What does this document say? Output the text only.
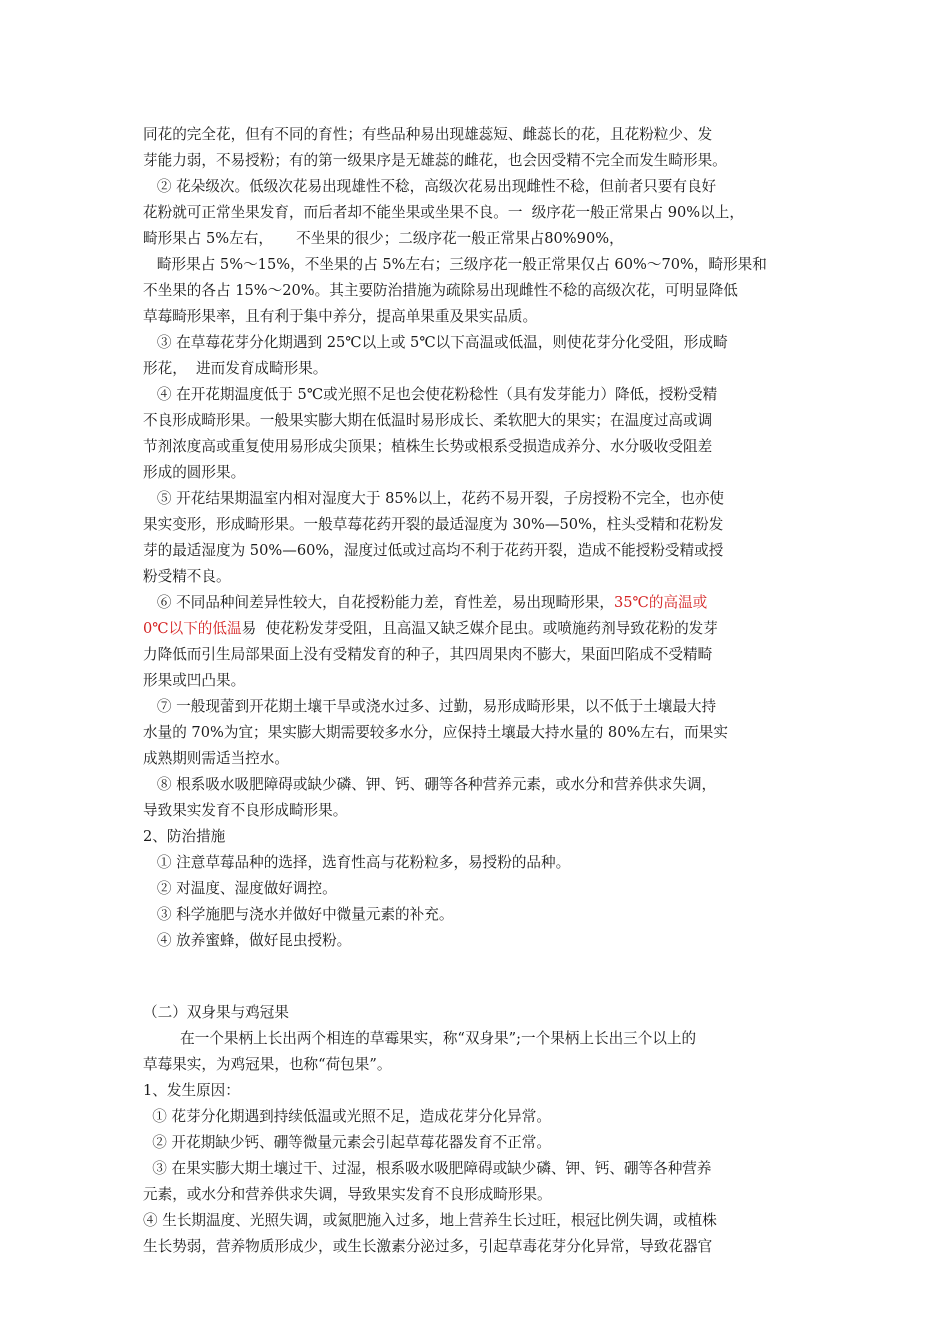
同花的完全花，但有不同的育性；有些品种易出现雄蕊短、雌蕊长的花，且花粉粒少、发

芽能力弱，不易授粉；有的第一级果序是无雄蕊的雌花，也会因受精不完全而发生畸形果。

② 花朵级次。低级次花易出现雄性不稔，高级次花易出现雌性不稔，但前者只要有良好

花粉就可正常坐果发育，而后者却不能坐果或坐果不良。一  级序花一般正常果占 90%以上，

畸形果占 5%左右，     不坐果的很少；二级序花一般正常果占80%90%，

畸形果占 5%～15%，不坐果的占 5%左右；三级序花一般正常果仅占 60%～70%，畸形果和

不坐果的各占 15%～20%。其主要防治措施为疏除易出现雌性不稔的高级次花，可明显降低

草莓畸形果率，且有利于集中养分，提高单果重及果实品质。

③ 在草莓花芽分化期遇到 25℃以上或 5℃以下高温或低温，则使花芽分化受阻，形成畸

形花，  进而发育成畸形果。

④ 在开花期温度低于 5℃或光照不足也会使花粉稔性（具有发芽能力）降低，授粉受精

不良形成畸形果。一般果实膨大期在低温时易形成长、柔软肥大的果实；在温度过高或调

节剂浓度高或重复使用易形成尖顶果；植株生长势或根系受损造成养分、水分吸收受阻差

形成的圆形果。

⑤ 开花结果期温室内相对湿度大于 85%以上，花药不易开裂，子房授粉不完全，也亦使

果实变形，形成畸形果。一般草莓花药开裂的最适湿度为 30%—50%，柱头受精和花粉发

芽的最适湿度为 50%—60%，湿度过低或过高均不利于花药开裂，造成不能授粉受精或授

粉受精不良。

⑥ 不同品种间差异性较大，自花授粉能力差，育性差，易出现畸形果，35℃的高温或

0℃以下的低温易  使花粉发芽受阻，且高温又缺乏媒介昆虫。或喷施药剂导致花粉的发芽

力降低而引生局部果面上没有受精发育的种子，其四周果肉不膨大，果面凹陷成不受精畸

形果或凹凸果。

⑦ 一般现蕾到开花期土壤干旱或浇水过多、过勤，易形成畸形果，以不低于土壤最大持

水量的 70%为宜；果实膨大期需要较多水分，应保持土壤最大持水量的 80%左右，而果实

成熟期则需适当控水。

⑧ 根系吸水吸肥障碍或缺少磷、钾、钙、硼等各种营养元素，或水分和营养供求失调，

导致果实发育不良形成畸形果。

2、防治措施

① 注意草莓品种的选择，选育性高与花粉粒多，易授粉的品种。

② 对温度、湿度做好调控。

③ 科学施肥与浇水并做好中微量元素的补充。

④ 放养蜜蜂，做好昆虫授粉。

（二）双身果与鸡冠果

在一个果柄上长出两个相连的草霉果实，称“双身果”;一个果柄上长出三个以上的

草莓果实，为鸡冠果，也称“荷包果”。

1、发生原因：

① 花芽分化期遇到持续低温或光照不足，造成花芽分化异常。

② 开花期缺少钙、硼等微量元素会引起草莓花器发育不正常。

③ 在果实膨大期土壤过干、过湿，根系吸水吸肥障碍或缺少磷、钾、钙、硼等各种营养

元素，或水分和营养供求失调，导致果实发育不良形成畸形果。

④ 生长期温度、光照失调，或氮肥施入过多，地上营养生长过旺，根冠比例失调，或植株

生长势弱，营养物质形成少，或生长激素分泌过多，引起草毒花芽分化异常，导致花器官
